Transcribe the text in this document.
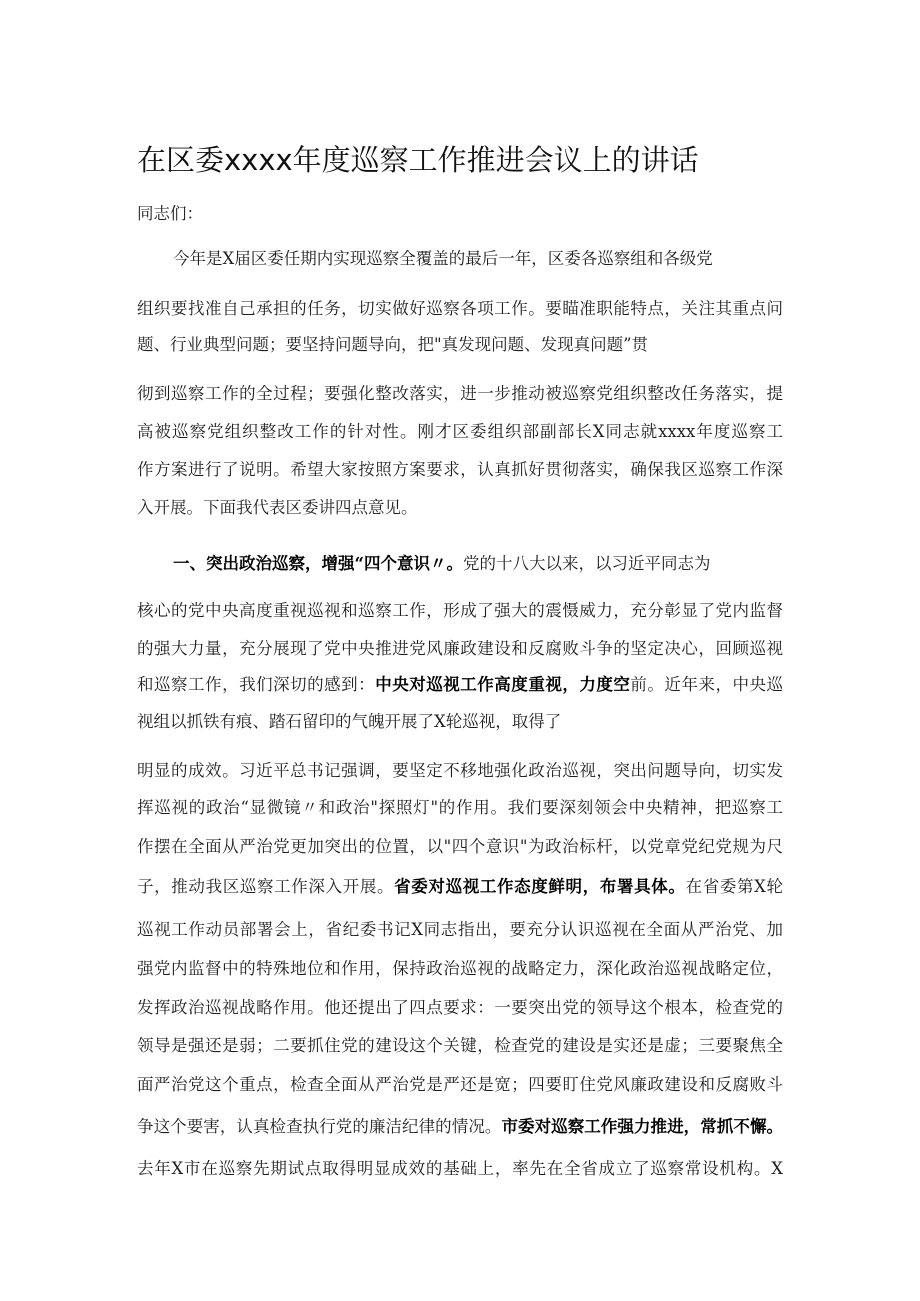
在区委xxxx年度巡察工作推进会议上的讲话
同志们：
今年是X届区委任期内实现巡察全覆盖的最后一年，区委各巡察组和各级党
组织要找准自己承担的任务，切实做好巡察各项工作。要瞄准职能特点，关注其重点问
题、行业典型问题；要坚持问题导向，把"真发现问题、发现真问题”贯
彻到巡察工作的全过程；要强化整改落实，进一步推动被巡察党组织整改任务落实，提
高被巡察党组织整改工作的针对性。刚才区委组织部副部长X同志就xxxx年度巡察工
作方案进行了说明。希望大家按照方案要求，认真抓好贯彻落实，确保我区巡察工作深
入开展。下面我代表区委讲四点意见。
一、突出政治巡察，增强“四个意识〃。党的十八大以来，以习近平同志为
核心的党中央高度重视巡视和巡察工作，形成了强大的震慑威力，充分彰显了党内监督
的强大力量，充分展现了党中央推进党风廉政建设和反腐败斗争的坚定决心，回顾巡视
和巡察工作，我们深切的感到：中央对巡视工作高度重视，力度空前。近年来，中央巡
视组以抓铁有痕、踏石留印的气魄开展了X轮巡视，取得了
明显的成效。习近平总书记强调，要坚定不移地强化政治巡视，突出问题导向，切实发
挥巡视的政治“显微镜〃和政治"探照灯"的作用。我们要深刻领会中央精神，把巡察工
作摆在全面从严治党更加突出的位置，以"四个意识"为政治标杆，以党章党纪党规为尺
子，推动我区巡察工作深入开展。省委对巡视工作态度鲜明，布署具体。在省委第X轮
巡视工作动员部署会上，省纪委书记X同志指出，要充分认识巡视在全面从严治党、加
强党内监督中的特殊地位和作用，保持政治巡视的战略定力，深化政治巡视战略定位，
发挥政治巡视战略作用。他还提出了四点要求：一要突出党的领导这个根本，检查党的
领导是强还是弱；二要抓住党的建设这个关键，检查党的建设是实还是虚；三要聚焦全
面严治党这个重点，检查全面从严治党是严还是宽；四要盯住党风廉政建设和反腐败斗
争这个要害，认真检查执行党的廉洁纪律的情况。市委对巡察工作强力推进，常抓不懈。
去年X市在巡察先期试点取得明显成效的基础上，率先在全省成立了巡察常设机构。X
